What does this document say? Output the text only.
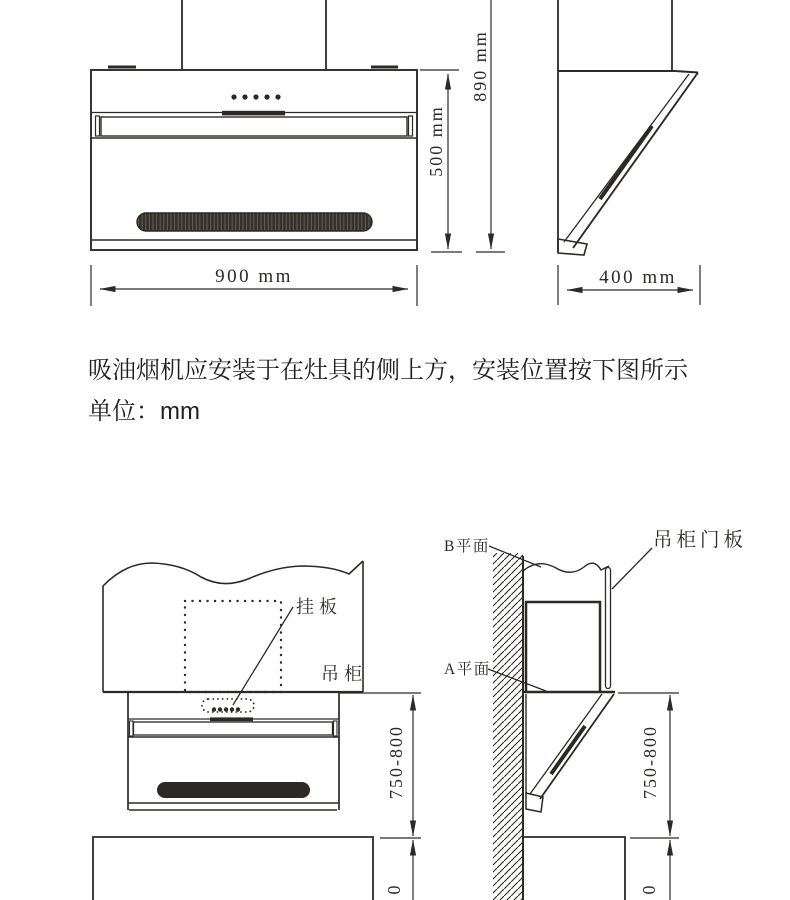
900 mm
500 mm
890 mm
400 mm
吸油烟机应安装于在灶具的侧上方，安装位置按下图所示
单位：mm
挂板
吊柜
750-800
0
B平面
A平面
吊柜门板
750-800
0
